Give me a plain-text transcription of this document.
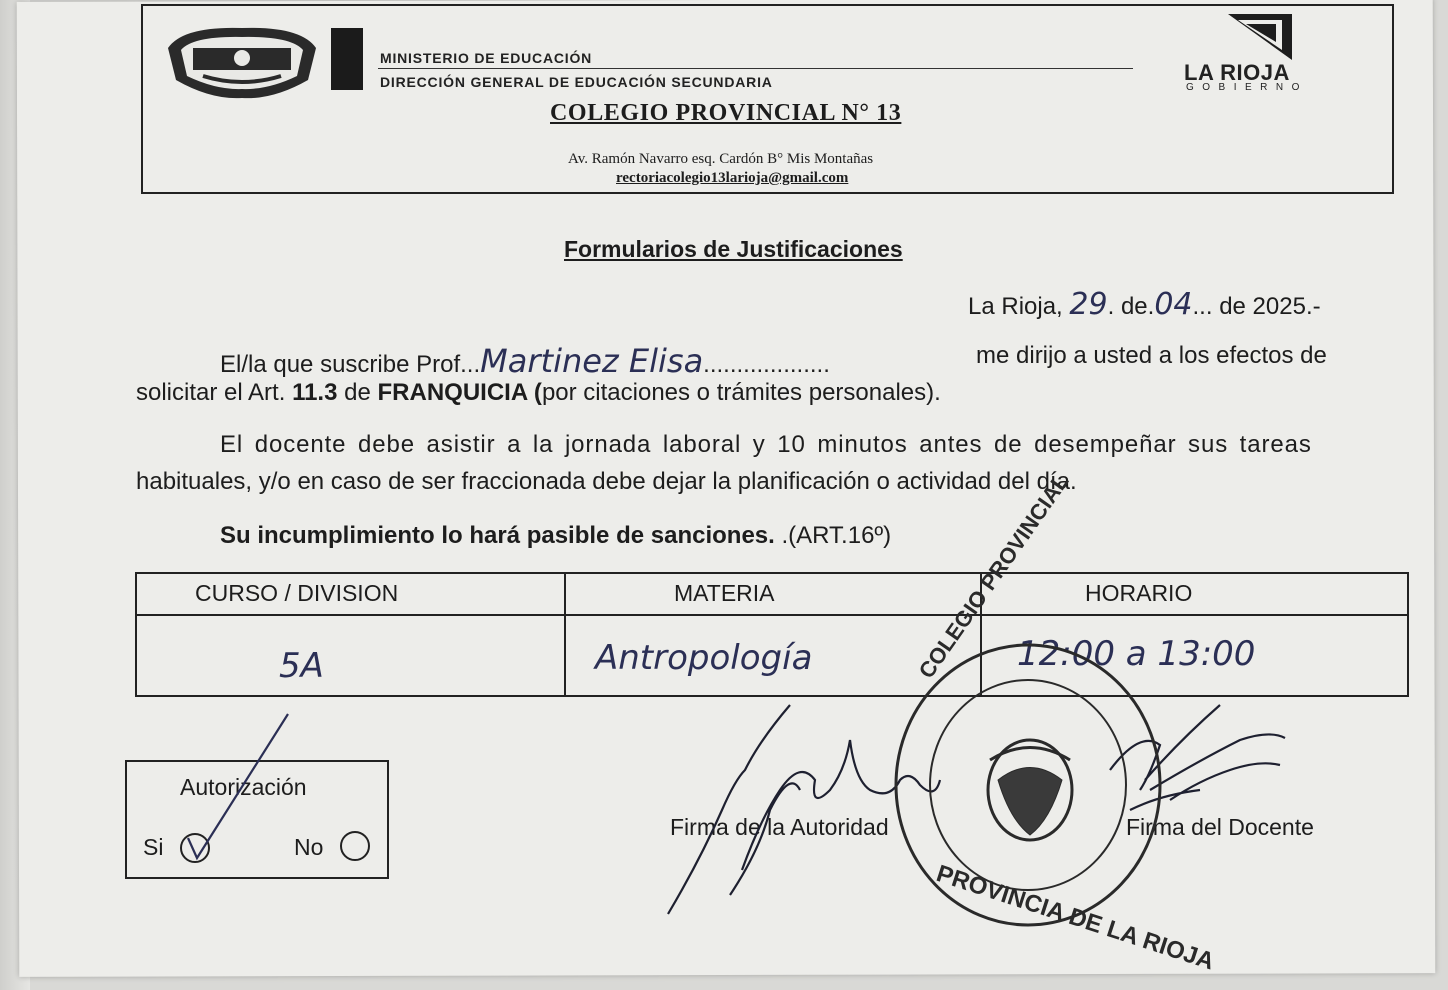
MINISTERIO DE EDUCACIÓN
DIRECCIÓN GENERAL DE EDUCACIÓN SECUNDARIA	LA RIOJA
GOBIERNO
COLEGIO PROVINCIAL N° 13
Av. Ramón Navarro esq. Cardón B° Mis Montañas
rectoriacolegio13larioja@gmail.com
Formularios de Justificaciones
La Rioja, 29. de.04... de 2025.-
El/la que suscribe Prof...Martinez Elisa...................	me dirijo a usted a los efectos de
solicitar el Art. 11.3 de FRANQUICIA (por citaciones o trámites personales).
El docente debe asistir a la jornada laboral y 10 minutos antes de desempeñar sus tareas
habituales, y/o en caso de ser fraccionada debe dejar la planificación o actividad del día.
Su incumplimiento lo hará pasible de sanciones. .(ART.16º)
CURSO / DIVISION	MATERIA	HORARIO
5A	Antropología	12:00 a 13:00
Autorización
Si	No
Firma de la Autoridad	Firma del Docente
COLEGIO PROVINCIAL
PROVINCIA DE LA RIOJA
